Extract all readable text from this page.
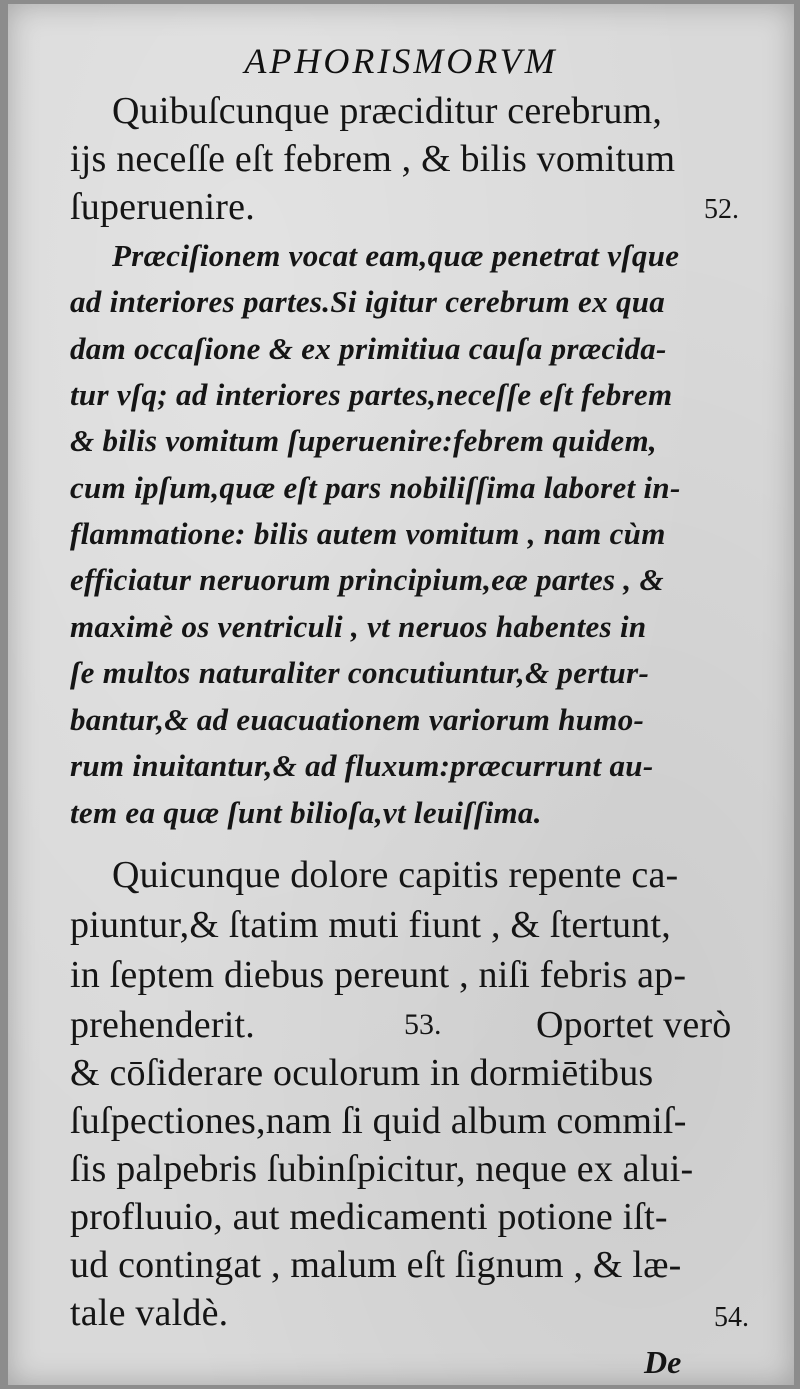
APHORISMORVM
Quibuſcunque præciditur cerebrum,
ijs neceſſe eſt febrem , & bilis vomitum
ſuperuenire.	52.
Præciſionem vocat eam,quæ penetrat vſque
ad interiores partes.Si igitur cerebrum ex qua
dam occaſione & ex primitiua cauſa præcida-
tur vſq; ad interiores partes,neceſſe eſt febrem
& bilis vomitum ſuperuenire:febrem quidem,
cum ipſum,quæ eſt pars nobiliſſima laboret in-
flammatione: bilis autem vomitum , nam cùm
efficiatur neruorum principium,eæ partes , &
maximè os ventriculi , vt neruos habentes in
ſe multos naturaliter concutiuntur,& pertur-
bantur,& ad euacuationem variorum humo-
rum inuitantur,& ad fluxum:præcurrunt au-
tem ea quæ ſunt bilioſa,vt leuiſſima.
Quicunque dolore capitis repente ca-
piuntur,& ſtatim muti fiunt , & ſtertunt,
in ſeptem diebus pereunt , niſi febris ap-
prehenderit.	53. Oportet verò
& cōſiderare oculorum in dormiētibus
ſuſpectiones,nam ſi quid album commiſ-
ſis palpebris ſubinſpicitur, neque ex alui-
profluuio, aut medicamenti potione iſt-
ud contingat , malum eſt ſignum , & læ-
tale valdè.	54.
De
